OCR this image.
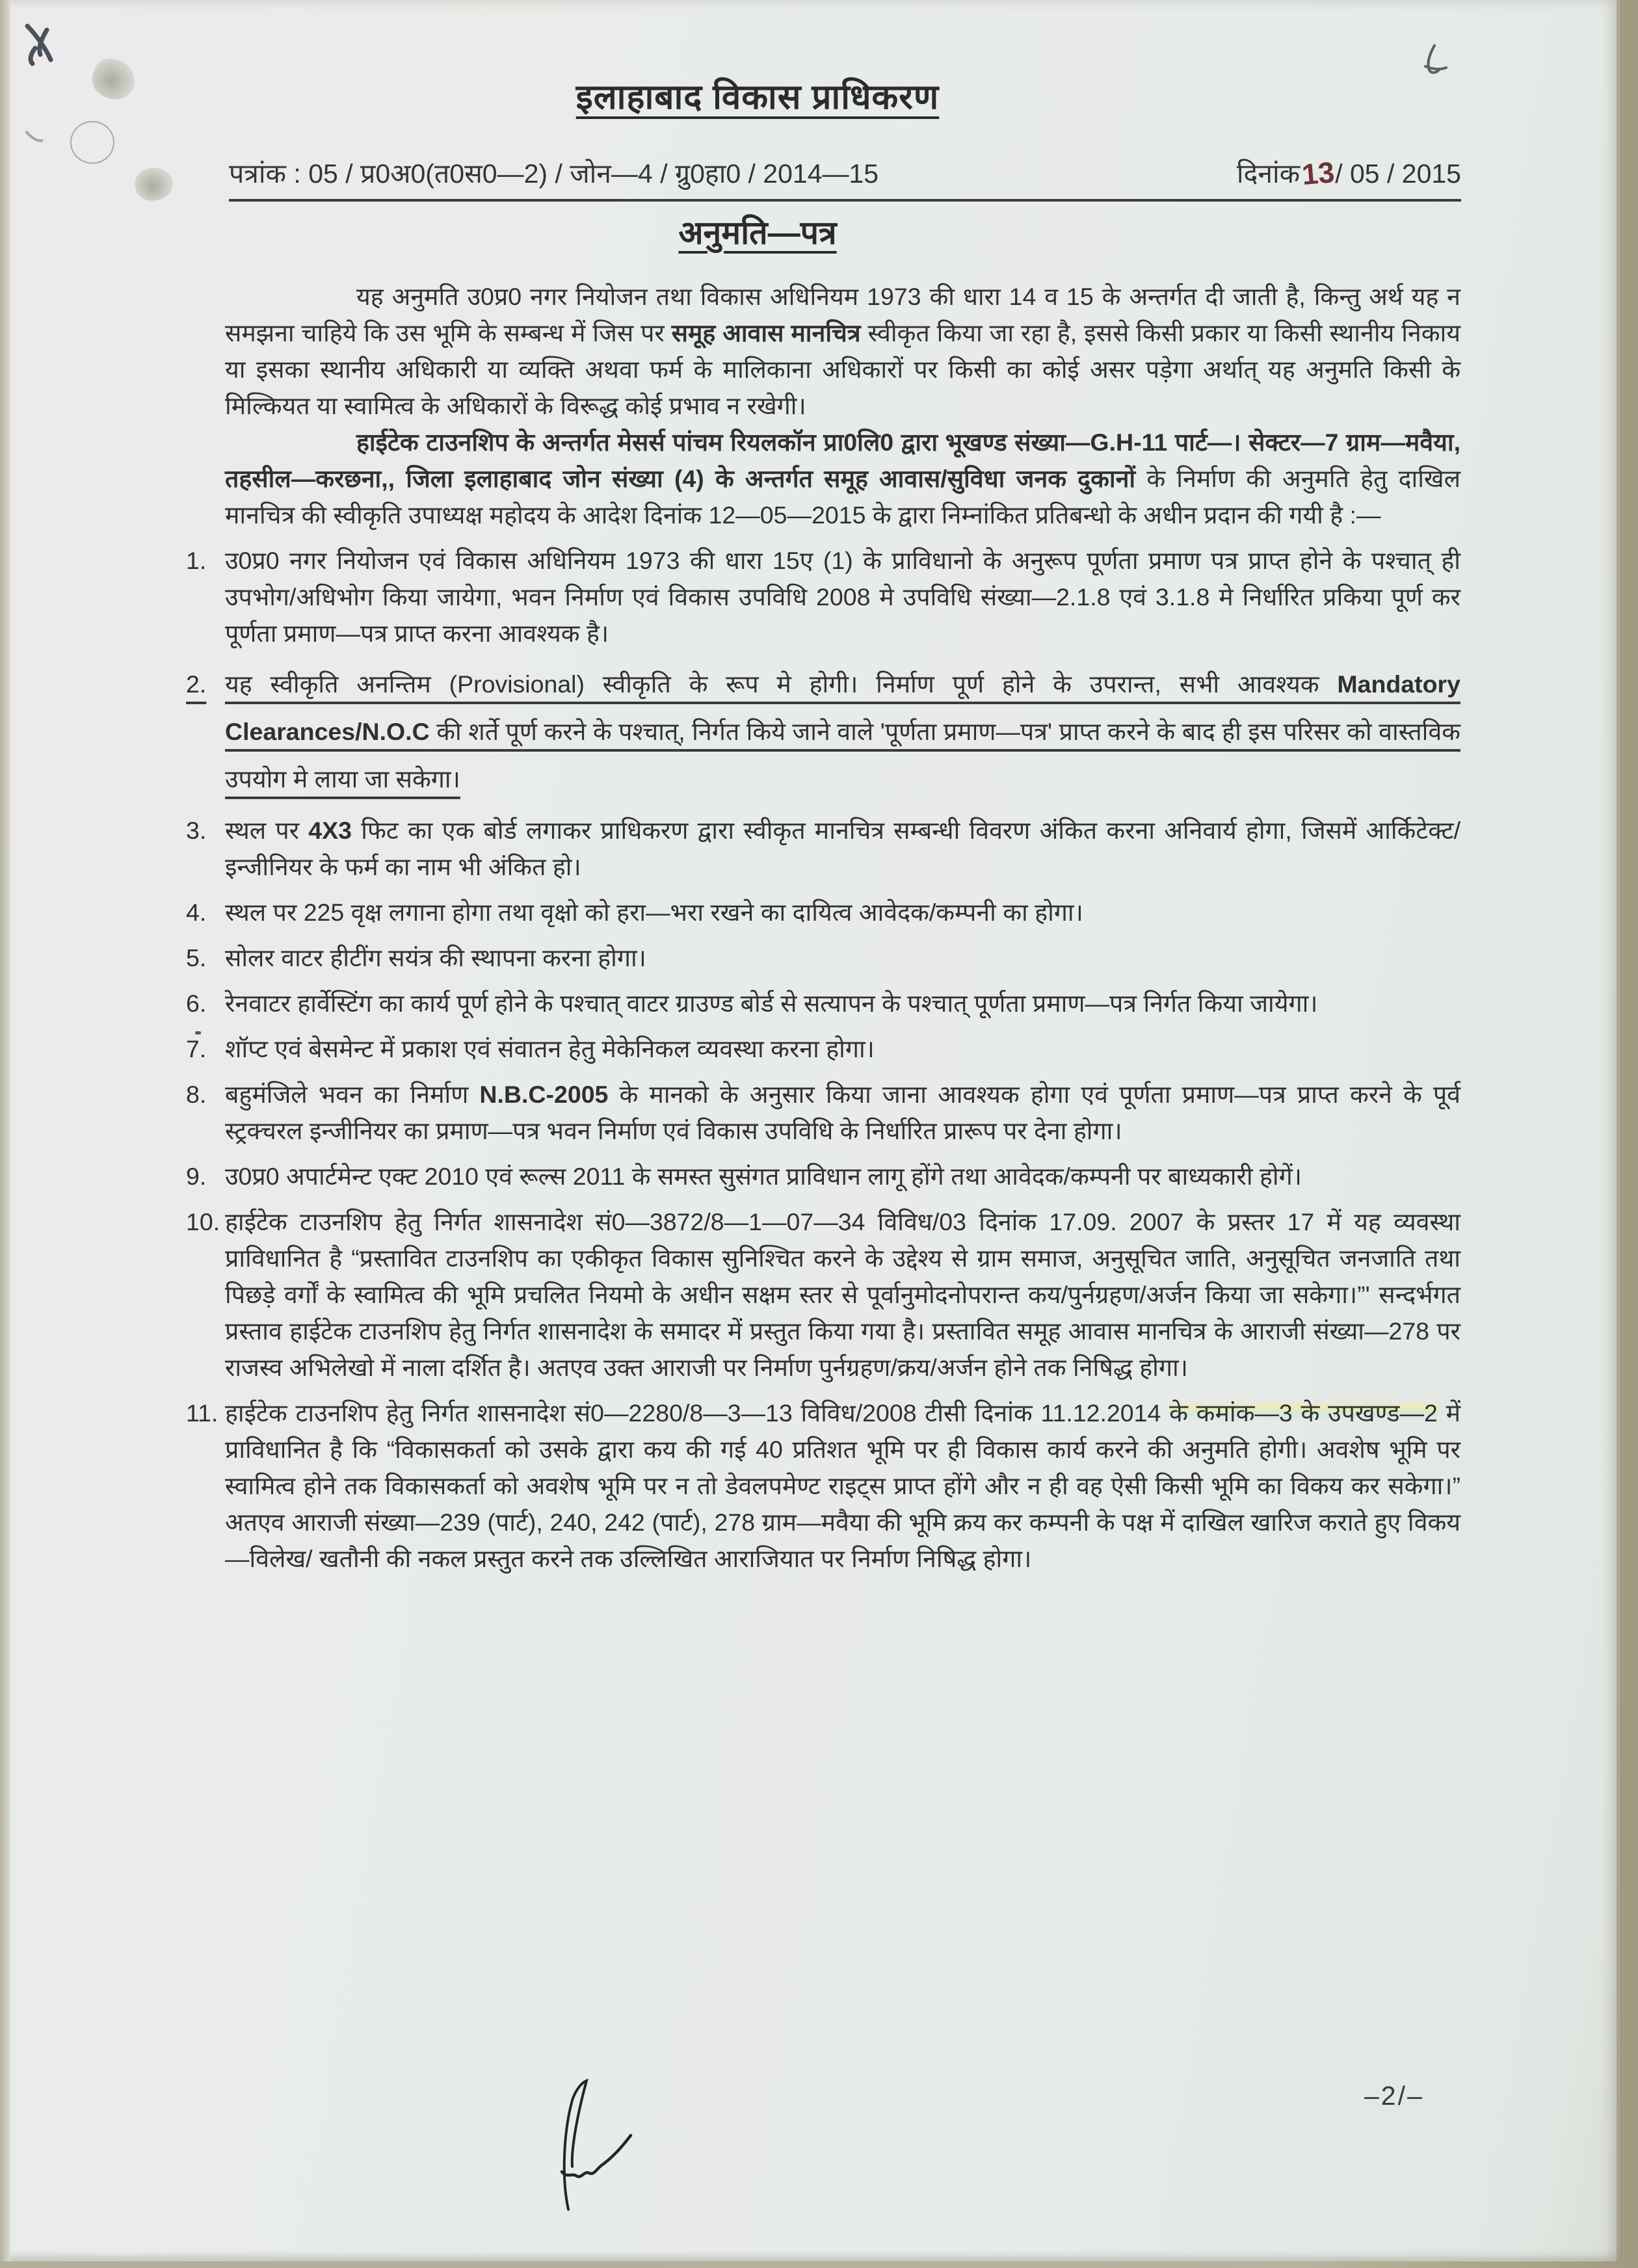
इलाहाबाद विकास प्राधिकरण
पत्रांक : 05 / प्र0अ0(त0स0—2) / जोन—4 / ग्रु0हा0 / 2014—15	दिनांक13/ 05 / 2015
अनुमति—पत्र
यह अनुमति उ0प्र0 नगर नियोजन तथा विकास अधिनियम 1973 की धारा 14 व 15 के अन्तर्गत दी जाती है, किन्तु अर्थ यह न समझना चाहिये कि उस भूमि के सम्बन्ध में जिस पर समूह आवास मानचित्र स्वीकृत किया जा रहा है, इससे किसी प्रकार या किसी स्थानीय निकाय या इसका स्थानीय अधिकारी या व्यक्ति अथवा फर्म के मालिकाना अधिकारों पर किसी का कोई असर पड़ेगा अर्थात् यह अनुमति किसी के मिल्कियत या स्वामित्व के अधिकारों के विरूद्ध कोई प्रभाव न रखेगी।
हाईटेक टाउनशिप के अन्तर्गत मेसर्स पांचम रियलकॉन प्रा0लि0 द्वारा भूखण्ड संख्या—G.H-11 पार्ट—। सेक्टर—7 ग्राम—मवैया, तहसील—करछना,, जिला इलाहाबाद जोन संख्या (4) के अन्तर्गत समूह आवास/सुविधा जनक दुकानों के निर्माण की अनुमति हेतु दाखिल मानचित्र की स्वीकृति उपाध्यक्ष महोदय के आदेश दिनांक 12—05—2015 के द्वारा निम्नांकित प्रतिबन्धो के अधीन प्रदान की गयी है :—
1. उ0प्र0 नगर नियोजन एवं विकास अधिनियम 1973 की धारा 15ए (1) के प्राविधानो के अनुरूप पूर्णता प्रमाण पत्र प्राप्त होने के पश्चात् ही उपभोग/अधिभोग किया जायेगा, भवन निर्माण एवं विकास उपविधि 2008 मे उपविधि संख्या—2.1.8 एवं 3.1.8 मे निर्धारित प्रकिया पूर्ण कर पूर्णता प्रमाण—पत्र प्राप्त करना आवश्यक है।
2. यह स्वीकृति अनन्तिम (Provisional) स्वीकृति के रूप मे होगी। निर्माण पूर्ण होने के उपरान्त, सभी आवश्यक Mandatory Clearances/N.O.C की शर्ते पूर्ण करने के पश्चात्, निर्गत किये जाने वाले 'पूर्णता प्रमाण—पत्र' प्राप्त करने के बाद ही इस परिसर को वास्तविक उपयोग मे लाया जा सकेगा।
3. स्थल पर 4X3 फिट का एक बोर्ड लगाकर प्राधिकरण द्वारा स्वीकृत मानचित्र सम्बन्धी विवरण अंकित करना अनिवार्य होगा, जिसमें आर्किटेक्ट/इन्जीनियर के फर्म का नाम भी अंकित हो।
4. स्थल पर 225 वृक्ष लगाना होगा तथा वृक्षो को हरा—भरा रखने का दायित्व आवेदक/कम्पनी का होगा।
5. सोलर वाटर हीटींग सयंत्र की स्थापना करना होगा।
6. रेनवाटर हार्वेस्टिंग का कार्य पूर्ण होने के पश्चात् वाटर ग्राउण्ड बोर्ड से सत्यापन के पश्चात् पूर्णता प्रमाण—पत्र निर्गत किया जायेगा।
7. शॉप्ट एवं बेसमेन्ट में प्रकाश एवं संवातन हेतु मेकेनिकल व्यवस्था करना होगा।
8. बहुमंजिले भवन का निर्माण N.B.C-2005 के मानको के अनुसार किया जाना आवश्यक होगा एवं पूर्णता प्रमाण—पत्र प्राप्त करने के पूर्व स्ट्रक्चरल इन्जीनियर का प्रमाण—पत्र भवन निर्माण एवं विकास उपविधि के निर्धारित प्रारूप पर देना होगा।
9. उ0प्र0 अपार्टमेन्ट एक्ट 2010 एवं रूल्स 2011 के समस्त सुसंगत प्राविधान लागू होंगे तथा आवेदक/कम्पनी पर बाध्यकारी होगें।
10. हाईटेक टाउनशिप हेतु निर्गत शासनादेश सं0—3872/8—1—07—34 विविध/03 दिनांक 17.09. 2007 के प्रस्तर 17 में यह व्यवस्था प्राविधानित है “प्रस्तावित टाउनशिप का एकीकृत विकास सुनिश्चित करने के उद्देश्य से ग्राम समाज, अनुसूचित जाति, अनुसूचित जनजाति तथा पिछड़े वर्गों के स्वामित्व की भूमि प्रचलित नियमो के अधीन सक्षम स्तर से पूर्वानुमोदनोपरान्त कय/पुर्नग्रहण/अर्जन किया जा सकेगा।”' सन्दर्भगत प्रस्ताव हाईटेक टाउनशिप हेतु निर्गत शासनादेश के समादर में प्रस्तुत किया गया है। प्रस्तावित समूह आवास मानचित्र के आराजी संख्या—278 पर राजस्व अभिलेखो में नाला दर्शित है। अतएव उक्त आराजी पर निर्माण पुर्नग्रहण/क्रय/अर्जन होने तक निषिद्ध होगा।
11. हाईटेक टाउनशिप हेतु निर्गत शासनादेश सं0—2280/8—3—13 विविध/2008 टीसी दिनांक 11.12.2014 के कमांक—3 के उपखण्ड—2 में प्राविधानित है कि “विकासकर्ता को उसके द्वारा कय की गई 40 प्रतिशत भूमि पर ही विकास कार्य करने की अनुमति होगी। अवशेष भूमि पर स्वामित्व होने तक विकासकर्ता को अवशेष भूमि पर न तो डेवलपमेण्ट राइट्स प्राप्त होंगे और न ही वह ऐसी किसी भूमि का विकय कर सकेगा।” अतएव आराजी संख्या—239 (पार्ट), 240, 242 (पार्ट), 278 ग्राम—मवैया की भूमि क्रय कर कम्पनी के पक्ष में दाखिल खारिज कराते हुए विकय—विलेख/ खतौनी की नकल प्रस्तुत करने तक उल्लिखित आराजियात पर निर्माण निषिद्ध होगा।
–2/–
